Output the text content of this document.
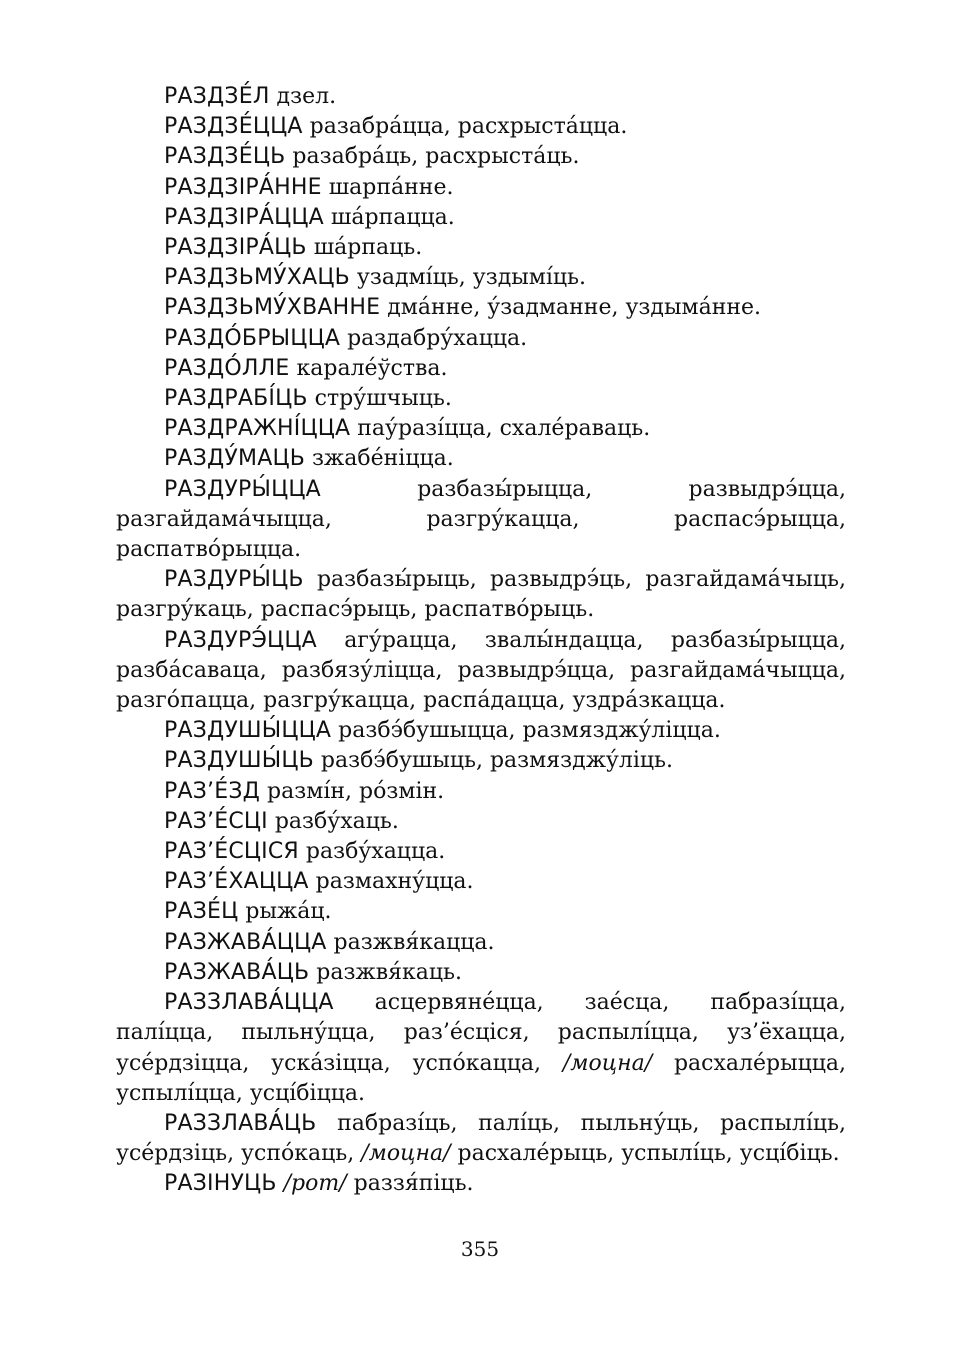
РАЗДЗЕ́Л дзел.

РАЗДЗЕ́ЦЦА разабра́цца, расхрыста́цца.

РАЗДЗЕ́ЦЬ разабра́ць, расхрыста́ць.

РАЗДЗІРА́ННЕ шарпа́нне.

РАЗДЗІРА́ЦЦА ша́рпацца.

РАЗДЗІРА́ЦЬ ша́рпаць.

РАЗДЗЬМУ́ХАЦЬ узадмі́ць, уздымі́ць.

РАЗДЗЬМУ́ХВАННЕ дма́нне, у́задманне, уздыма́нне.

РАЗДО́БРЫЦЦА раздабру́хацца.

РАЗДО́ЛЛЕ карале́ўства.

РАЗДРАБІ́ЦЬ стру́шчыць.

РАЗДРАЖНІ́ЦЦА пау́разі́цца, схале́раваць.

РАЗДУ́МАЦЬ зжабе́ніцца.

РАЗДУРЫ́ЦЦА разбазы́рыцца, развыдрэ́цца, разгайдама́чыцца, разгру́кацца, распасэ́рыцца, распатво́рыцца.

РАЗДУРЫ́ЦЬ разбазы́рыць, развыдрэ́ць, разгайдама́чыць, разгру́каць, распасэ́рыць, распатво́рыць.

РАЗДУРЭ́ЦЦА агу́рацца, звалы́ндацца, разбазы́рыцца, разба́саваца, разбязу́ліцца, развыдрэ́цца, разгайдама́чыцца, разго́пацца, разгру́кацца, распа́дацца, уздра́зкацца.

РАЗДУШЫ́ЦЦА разбэ́бушыцца, размязджу́ліцца.

РАЗДУШЫ́ЦЬ разбэ́бушыць, размязджу́ліць.

РАЗ’Е́ЗД размі́н, ро́змін.

РАЗ’Е́СЦІ разбу́хаць.

РАЗ’Е́СЦІСЯ разбу́хацца.

РАЗ’Е́ХАЦЦА размахну́цца.

РАЗЕ́Ц рыжа́ц.

РАЗЖАВА́ЦЦА разжвя́кацца.

РАЗЖАВА́ЦЬ разжвя́каць.

РАЗЗЛАВА́ЦЦА асцервяне́цца, зае́сца, пабразі́цца, палі́цца, пыльну́цца, раз’е́сціся, распылі́цца, уз’ёхацца, усе́рдзіцца, уска́зіцца, успо́кацца, /моцна/ расхале́рыцца, успылі́цца, усці́біцца.

РАЗЗЛАВА́ЦЬ пабразі́ць, палі́ць, пыльну́ць, распылі́ць, усе́рдзіць, успо́каць, /моцна/ расхале́рыць, успылі́ць, усці́біць.

РАЗІНУЦЬ /рот/ раззя́піць.

355
